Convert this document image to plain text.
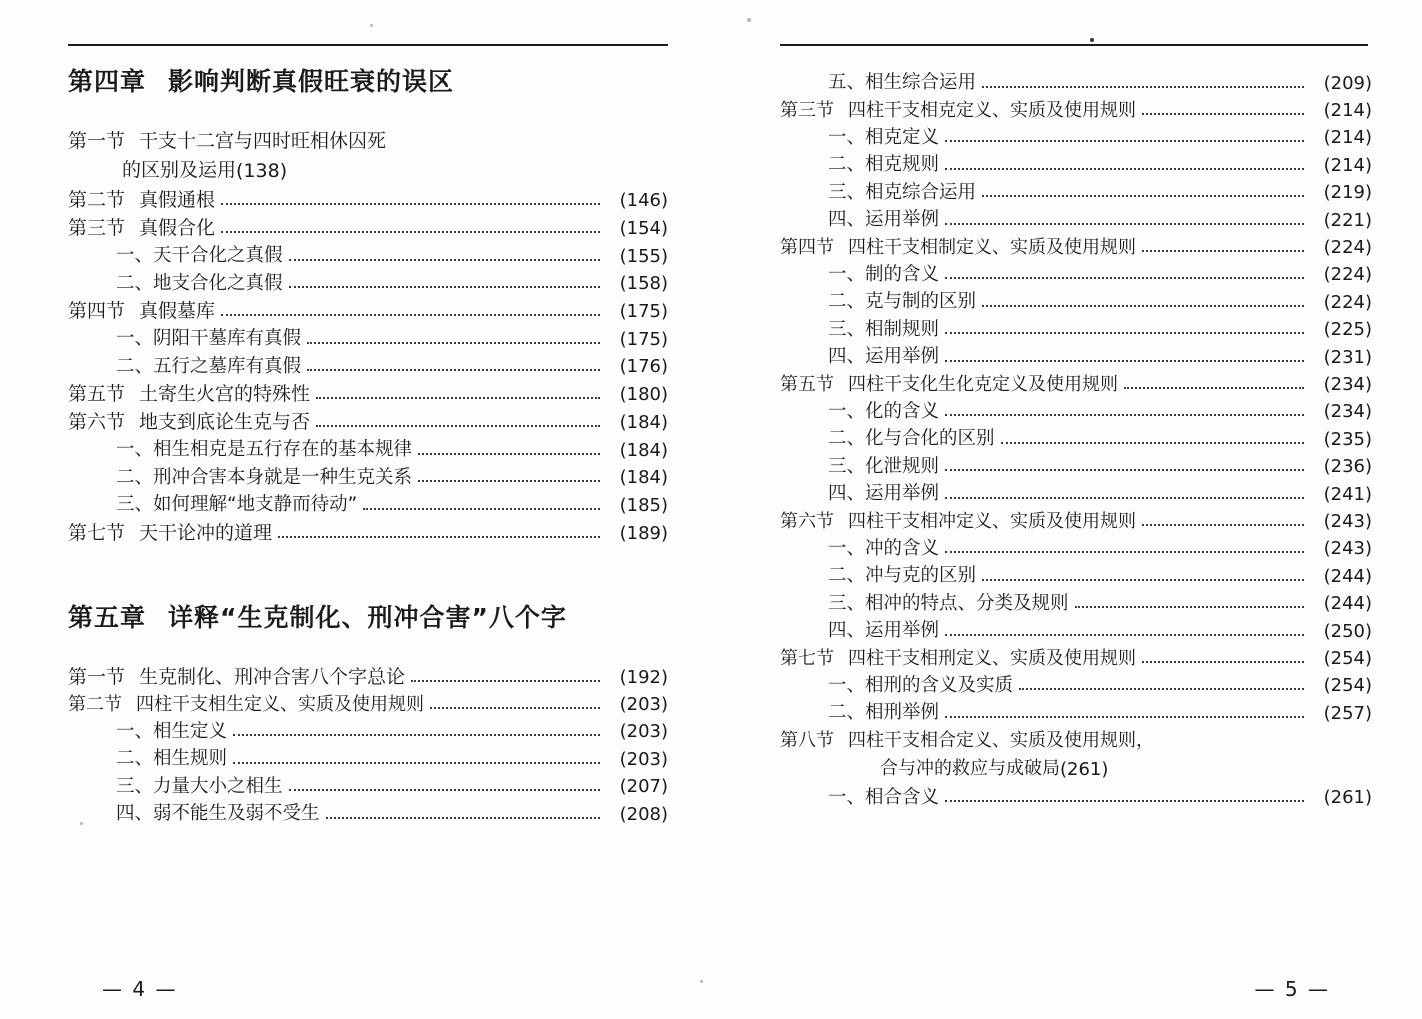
第四章 影响判断真假旺衰的误区
第一节 干支十二宫与四时旺相休囚死
的区别及运用 (138)
第二节 真假通根	(146)
第三节 真假合化	(154)
一、天干合化之真假	(155)
二、地支合化之真假	(158)
第四节 真假墓库	(175)
一、阴阳干墓库有真假	(175)
二、五行之墓库有真假	(176)
第五节 土寄生火宫的特殊性	(180)
第六节 地支到底论生克与否	(184)
一、相生相克是五行存在的基本规律	(184)
二、刑冲合害本身就是一种生克关系	(184)
三、如何理解“地支静而待动”	(185)
第七节 天干论冲的道理	(189)
第五章 详释“生克制化、刑冲合害”八个字
第一节 生克制化、刑冲合害八个字总论	(192)
第二节 四柱干支相生定义、实质及使用规则	(203)
一、相生定义	(203)
二、相生规则	(203)
三、力量大小之相生	(207)
四、弱不能生及弱不受生	(208)
— 4 —
五、相生综合运用	(209)
第三节 四柱干支相克定义、实质及使用规则	(214)
一、相克定义	(214)
二、相克规则	(214)
三、相克综合运用	(219)
四、运用举例	(221)
第四节 四柱干支相制定义、实质及使用规则	(224)
一、制的含义	(224)
二、克与制的区别	(224)
三、相制规则	(225)
四、运用举例	(231)
第五节 四柱干支化生化克定义及使用规则	(234)
一、化的含义	(234)
二、化与合化的区别	(235)
三、化泄规则	(236)
四、运用举例	(241)
第六节 四柱干支相冲定义、实质及使用规则	(243)
一、冲的含义	(243)
二、冲与克的区别	(244)
三、相冲的特点、分类及规则	(244)
四、运用举例	(250)
第七节 四柱干支相刑定义、实质及使用规则	(254)
一、相刑的含义及实质	(254)
二、相刑举例	(257)
第八节 四柱干支相合定义、实质及使用规则，
合与冲的救应与成破局 (261)
一、相合含义	(261)
— 5 —
